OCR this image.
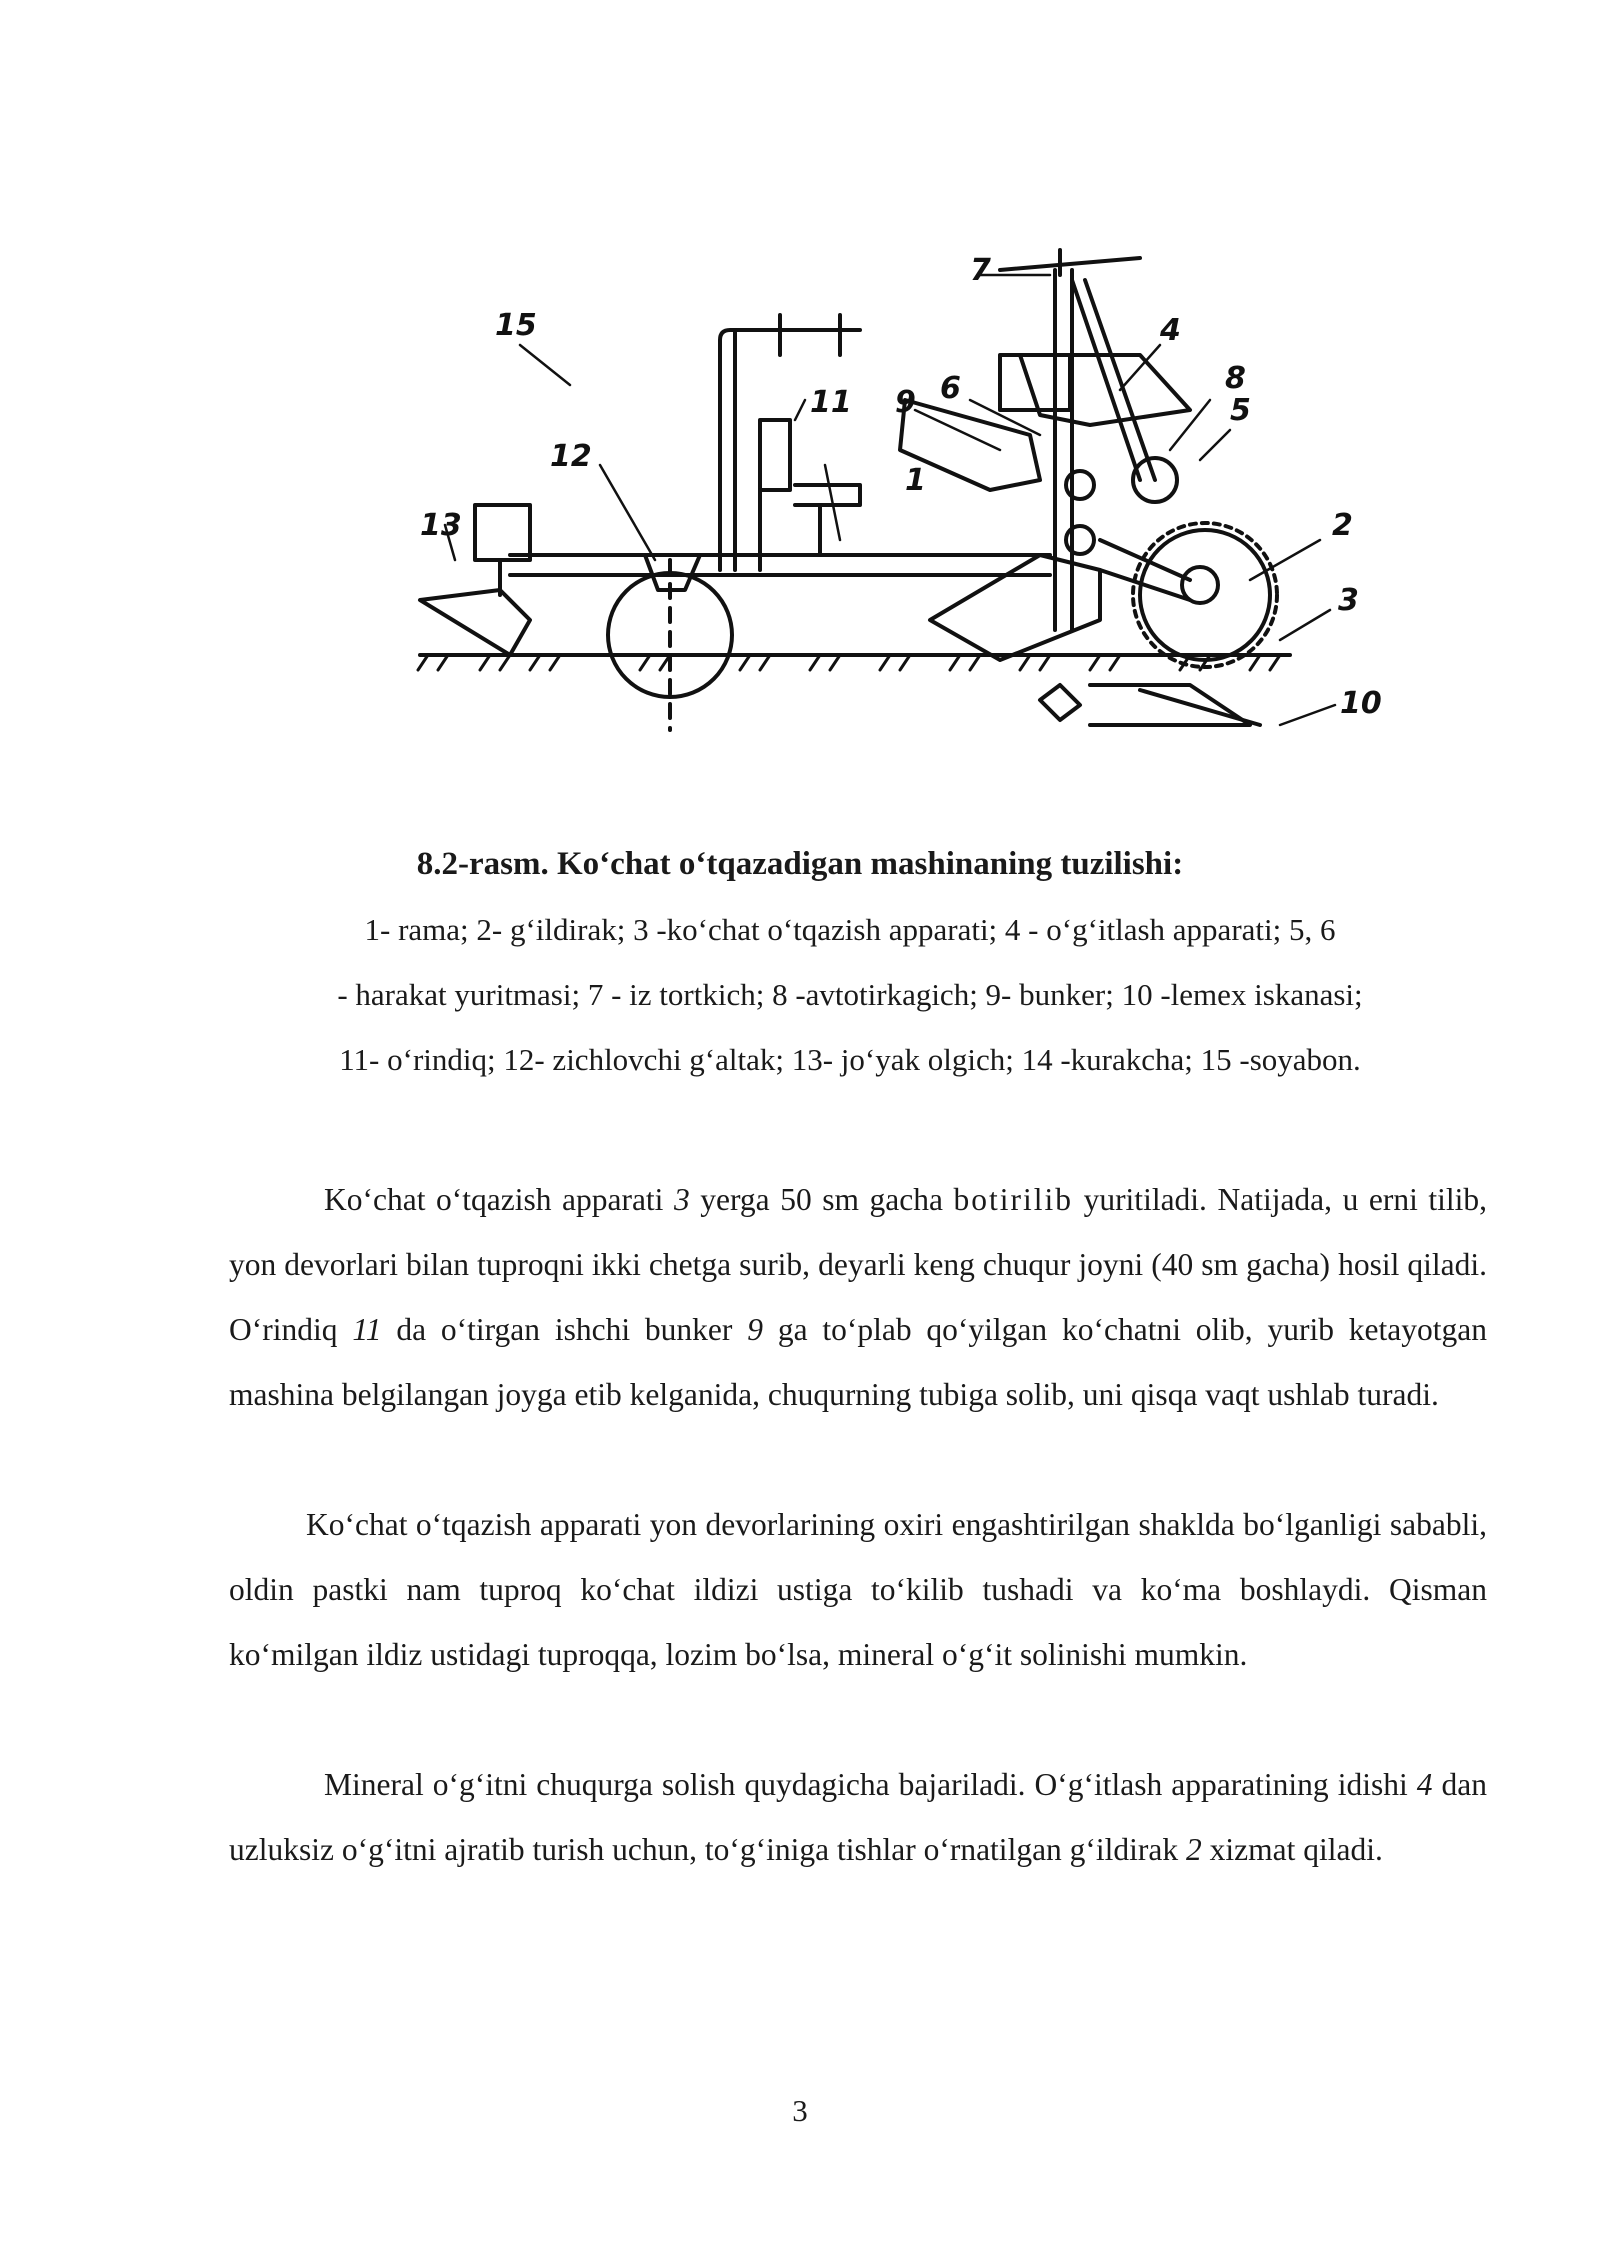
7
15	4
8
5
6
9
11
1
12
13	2
3
10

8.2-rasm. Ko‘chat o‘tqazadigan mashinaning tuzilishi:

1- rama; 2- g‘ildirak; 3 -ko‘chat o‘tqazish apparati; 4 - o‘g‘itlash apparati; 5, 6

- harakat yuritmasi; 7 - iz tortkich; 8 -avtotirkagich; 9- bunker; 10 -lemex iskanasi;

11- o‘rindiq; 12- zichlovchi g‘altak; 13- jo‘yak olgich; 14 -kurakcha; 15 -soyabon.

Ko‘chat o‘tqazish apparati 3 yerga 50 sm gacha botirilib yuritiladi. Natijada, u erni tilib, yon devorlari bilan tuproqni ikki chetga surib, deyarli keng chuqur joyni (40 sm gacha) hosil qiladi. O‘rindiq 11 da o‘tirgan ishchi bunker 9 ga to‘plab qo‘yilgan ko‘chatni olib, yurib ketayotgan mashina belgilangan joyga etib kelganida, chuqurning tubiga solib, uni qisqa vaqt ushlab turadi.

Ko‘chat o‘tqazish apparati yon devorlarining oxiri engashtirilgan shaklda bo‘lganligi sababli, oldin pastki nam tuproq ko‘chat ildizi ustiga to‘kilib tushadi va ko‘ma boshlaydi. Qisman ko‘milgan ildiz ustidagi tuproqqa, lozim bo‘lsa, mineral o‘g‘it solinishi mumkin.

Mineral o‘g‘itni chuqurga solish quydagicha bajariladi. O‘g‘itlash apparatining idishi 4 dan uzluksiz o‘g‘itni ajratib turish uchun, to‘g‘iniga tishlar o‘rnatilgan g‘ildirak 2 xizmat qiladi.

3
